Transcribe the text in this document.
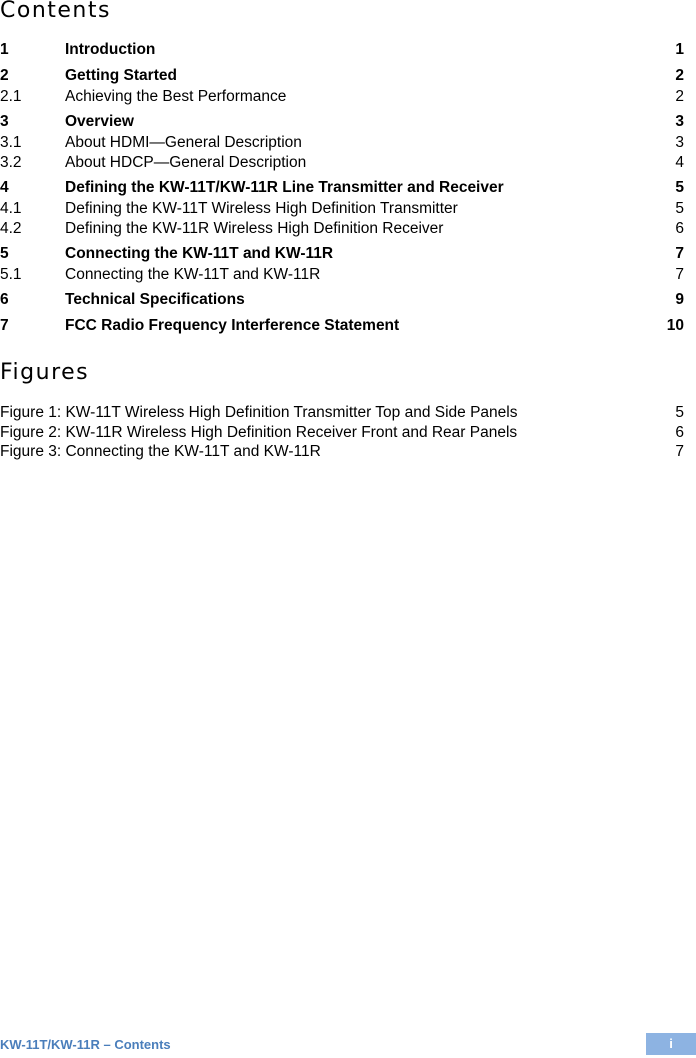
Contents
1	Introduction	1
2	Getting Started	2
2.1	Achieving the Best Performance	2
3	Overview	3
3.1	About HDMI—General Description	3
3.2	About HDCP—General Description	4
4	Defining the KW-11T/KW-11R Line Transmitter and Receiver	5
4.1	Defining the KW-11T Wireless High Definition Transmitter	5
4.2	Defining the KW-11R Wireless High Definition Receiver	6
5	Connecting the KW-11T and KW-11R	7
5.1	Connecting the KW-11T and KW-11R	7
6	Technical Specifications	9
7	FCC Radio Frequency Interference Statement	10
Figures
Figure 1: KW-11T Wireless High Definition Transmitter Top and Side Panels	5
Figure 2: KW-11R Wireless High Definition Receiver Front and Rear Panels	6
Figure 3: Connecting the KW-11T and KW-11R	7
KW-11T/KW-11R – Contents	i
